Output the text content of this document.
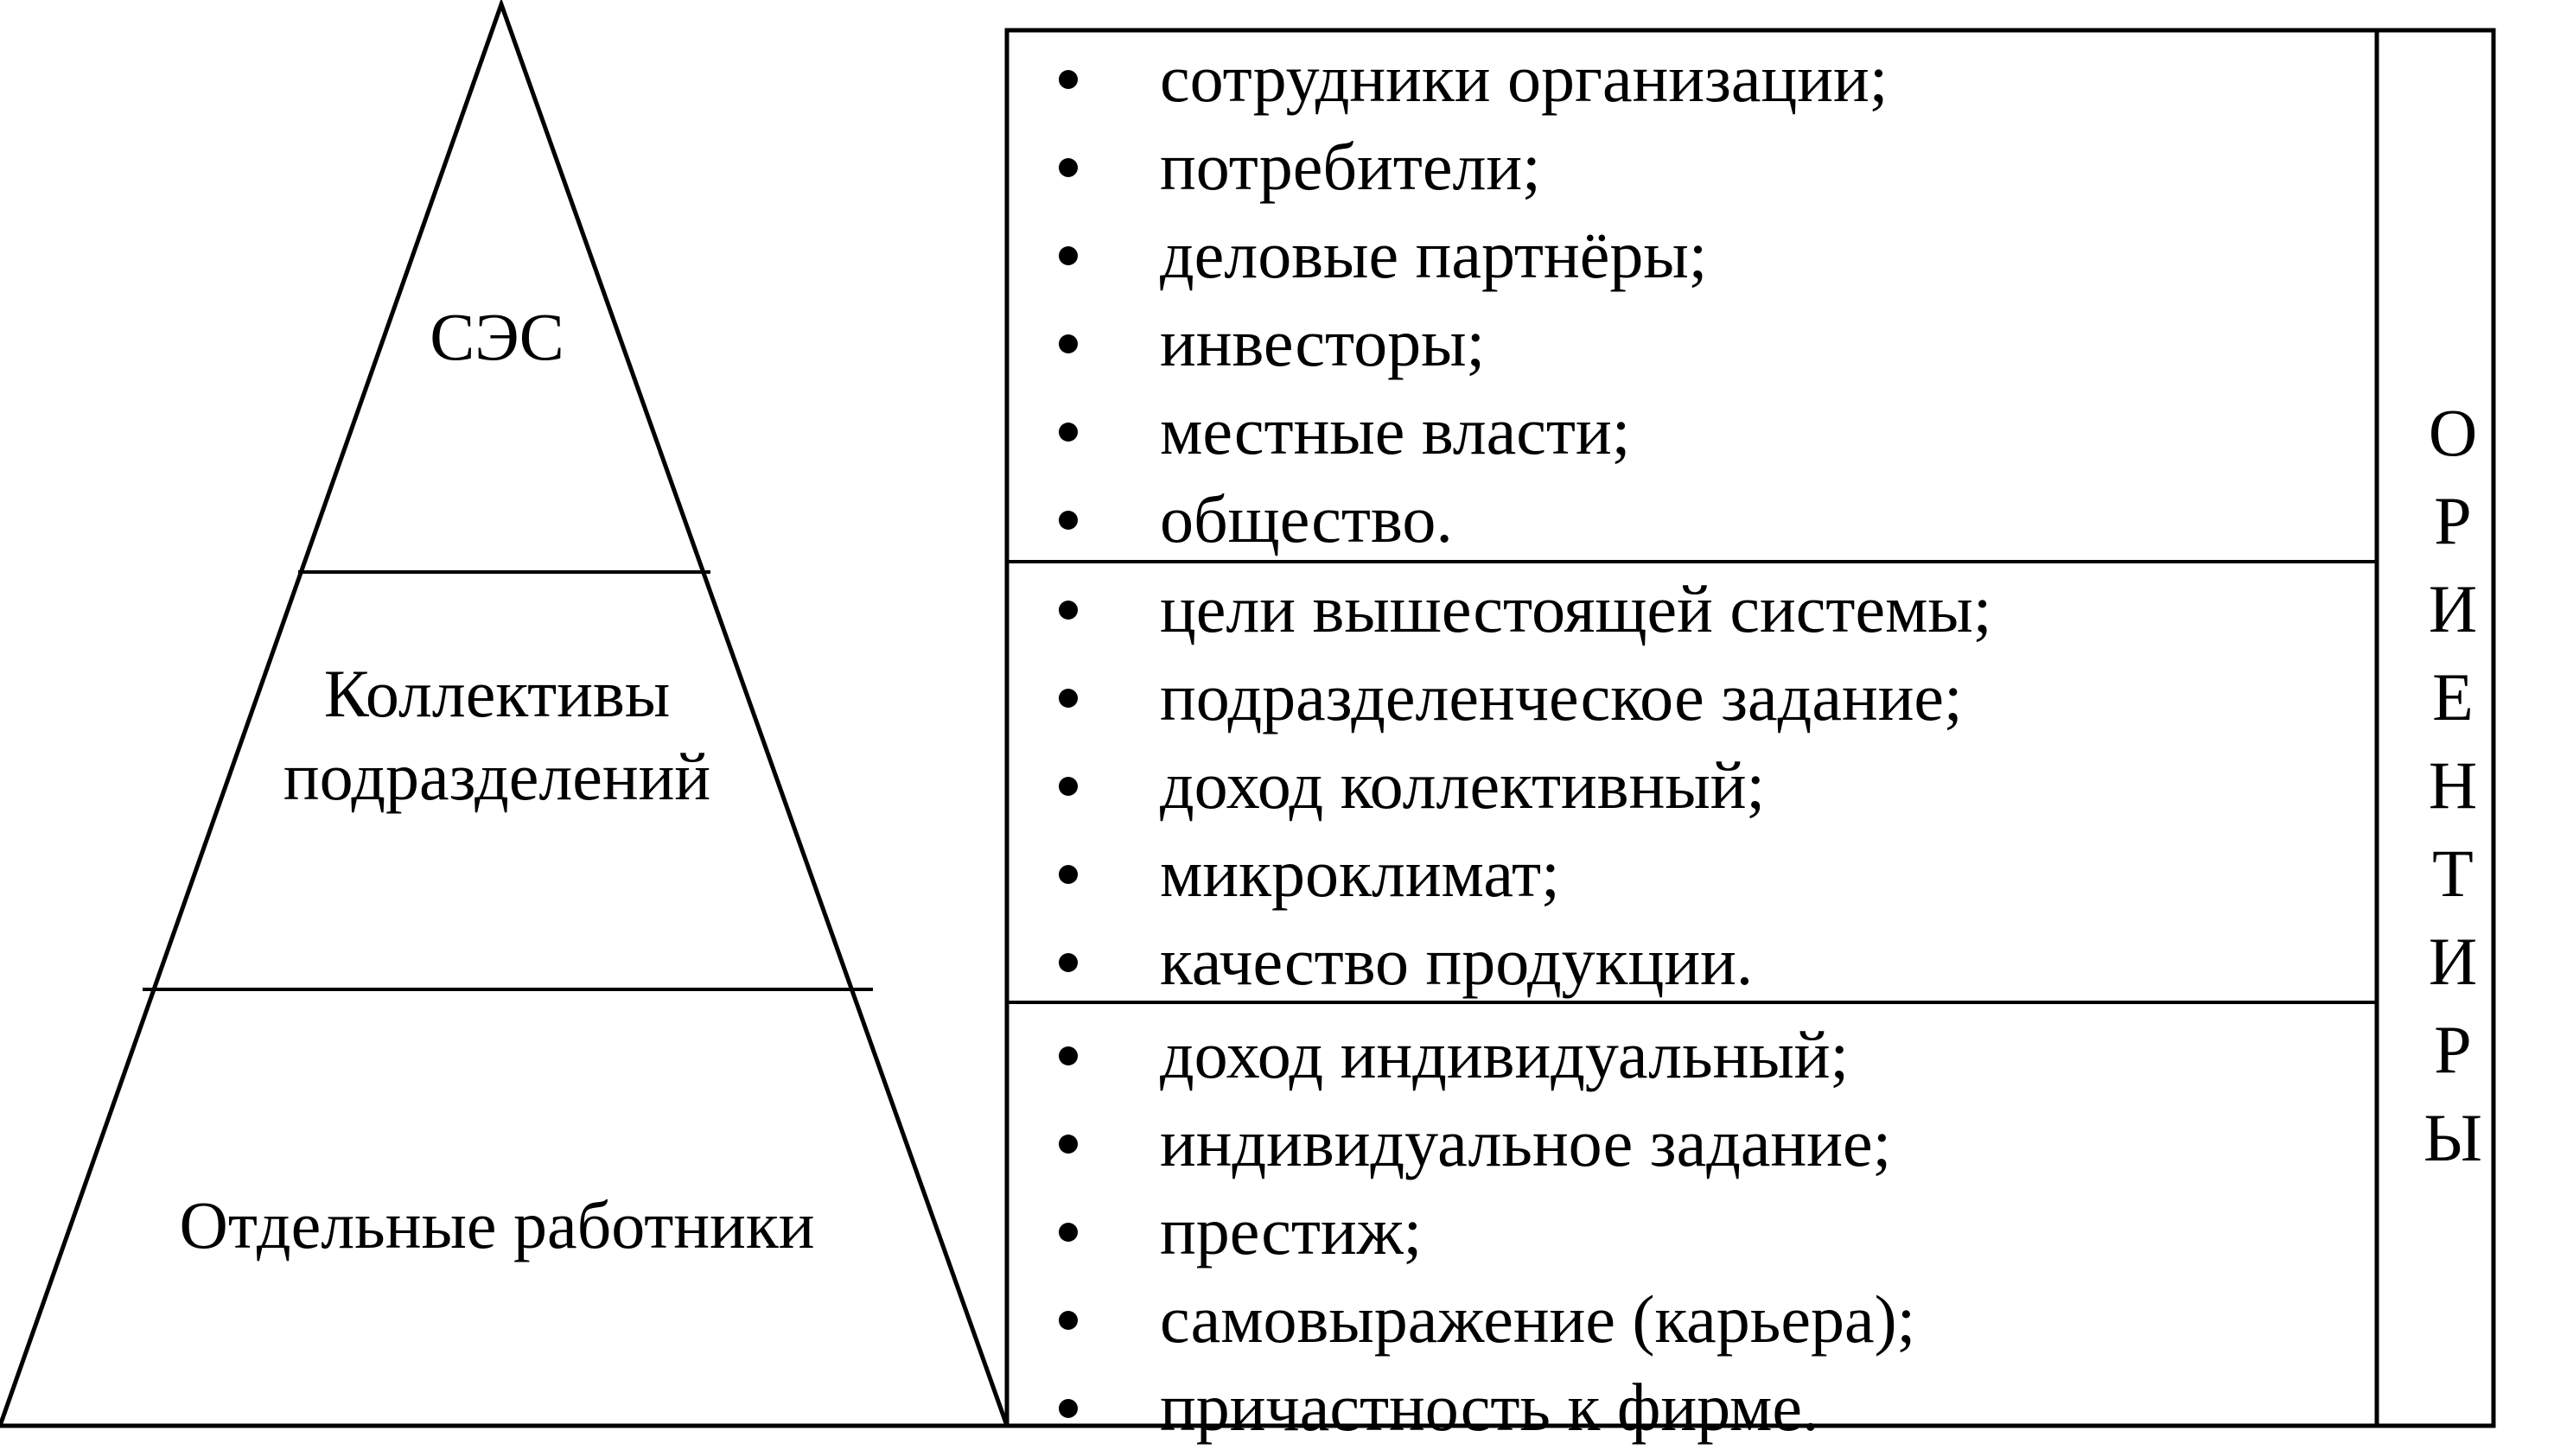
СЭС
Коллективы
подразделений
Отдельные работники
сотрудники организации;
потребители;
деловые партнёры;
инвесторы;
местные власти;
общество.
цели вышестоящей системы;
подразделенческое задание;
доход коллективный;
микроклимат;
качество продукции.
доход индивидуальный;
индивидуальное задание;
престиж;
самовыражение (карьера);
причастность к фирме.
О
Р
И
Е
Н
Т
И
Р
Ы
